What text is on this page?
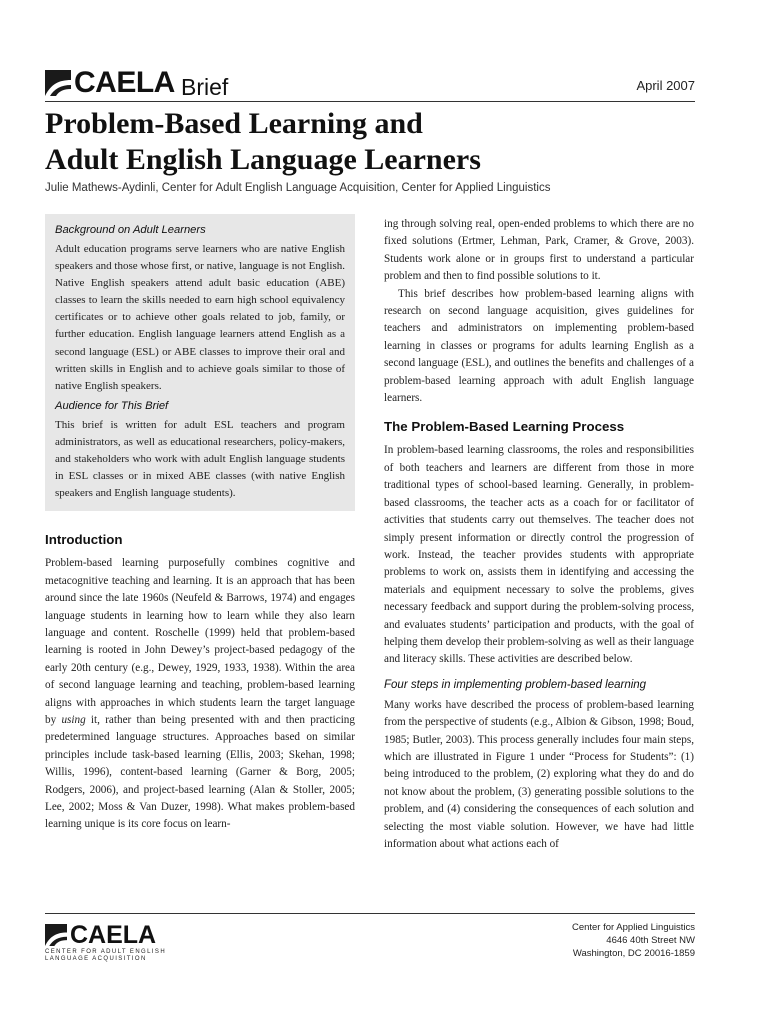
CAELA Brief	April 2007
Problem-Based Learning and
Adult English Language Learners
Julie Mathews-Aydinli, Center for Adult English Language Acquisition, Center for Applied Linguistics
Background on Adult Learners

Adult education programs serve learners who are native English speakers and those whose first, or native, language is not English. Native English speakers attend adult basic education (ABE) classes to learn the skills needed to earn high school equivalency certificates or to achieve other goals related to job, family, or further education. English language learners attend English as a second language (ESL) or ABE classes to improve their oral and written skills in English and to achieve goals similar to those of native English speakers.

Audience for This Brief

This brief is written for adult ESL teachers and program administrators, as well as educational researchers, policy-makers, and stakeholders who work with adult English language students in ESL classes or in mixed ABE classes (with native English speakers and English language students).

Introduction

Problem-based learning purposefully combines cognitive and metacognitive teaching and learning. It is an approach that has been around since the late 1960s (Neufeld & Barrows, 1974) and engages language students in learning how to learn while they also learn language and content. Roschelle (1999) held that problem-based learning is rooted in John Dewey’s project-based pedagogy of the early 20th century (e.g., Dewey, 1929, 1933, 1938). Within the area of second language learning and teaching, problem-based learning aligns with approaches in which students learn the target language by using it, rather than being presented with and then practicing predetermined language structures. Approaches based on similar principles include task-based learning (Ellis, 2003; Skehan, 1998; Willis, 1996), content-based learning (Garner & Borg, 2005; Rodgers, 2006), and project-based learning (Alan & Stoller, 2005; Lee, 2002; Moss & Van Duzer, 1998). What makes problem-based learning unique is its core focus on learn-

ing through solving real, open-ended problems to which there are no fixed solutions (Ertmer, Lehman, Park, Cramer, & Grove, 2003). Students work alone or in groups first to understand a particular problem and then to find possible solutions to it.

This brief describes how problem-based learning aligns with research on second language acquisition, gives guidelines for teachers and administrators on implementing problem-based learning in classes or programs for adults learning English as a second language (ESL), and outlines the benefits and challenges of a problem-based learning approach with adult English language learners.

The Problem-Based Learning Process

In problem-based learning classrooms, the roles and responsibilities of both teachers and learners are different from those in more traditional types of school-based learning. Generally, in problem-based classrooms, the teacher acts as a coach for or facilitator of activities that students carry out themselves. The teacher does not simply present information or directly control the progression of work. Instead, the teacher provides students with appropriate problems to work on, assists them in identifying and accessing the materials and equipment necessary to solve the problems, gives necessary feedback and support during the problem-solving process, and evaluates students’ participation and products, with the goal of helping them develop their problem-solving as well as their language and literacy skills. These activities are described below.

Four steps in implementing problem-based learning

Many works have described the process of problem-based learning from the perspective of students (e.g., Albion & Gibson, 1998; Boud, 1985; Butler, 2003). This process generally includes four main steps, which are illustrated in Figure 1 under “Process for Students”: (1) being introduced to the problem, (2) exploring what they do and do not know about the problem, (3) generating possible solutions to the problem, and (4) considering the consequences of each solution and selecting the most viable solution. However, we have had little information about what actions each of

CAELA
CENTER FOR ADULT ENGLISH
LANGUAGE ACQUISITION
Center for Applied Linguistics
4646 40th Street NW
Washington, DC 20016-1859
